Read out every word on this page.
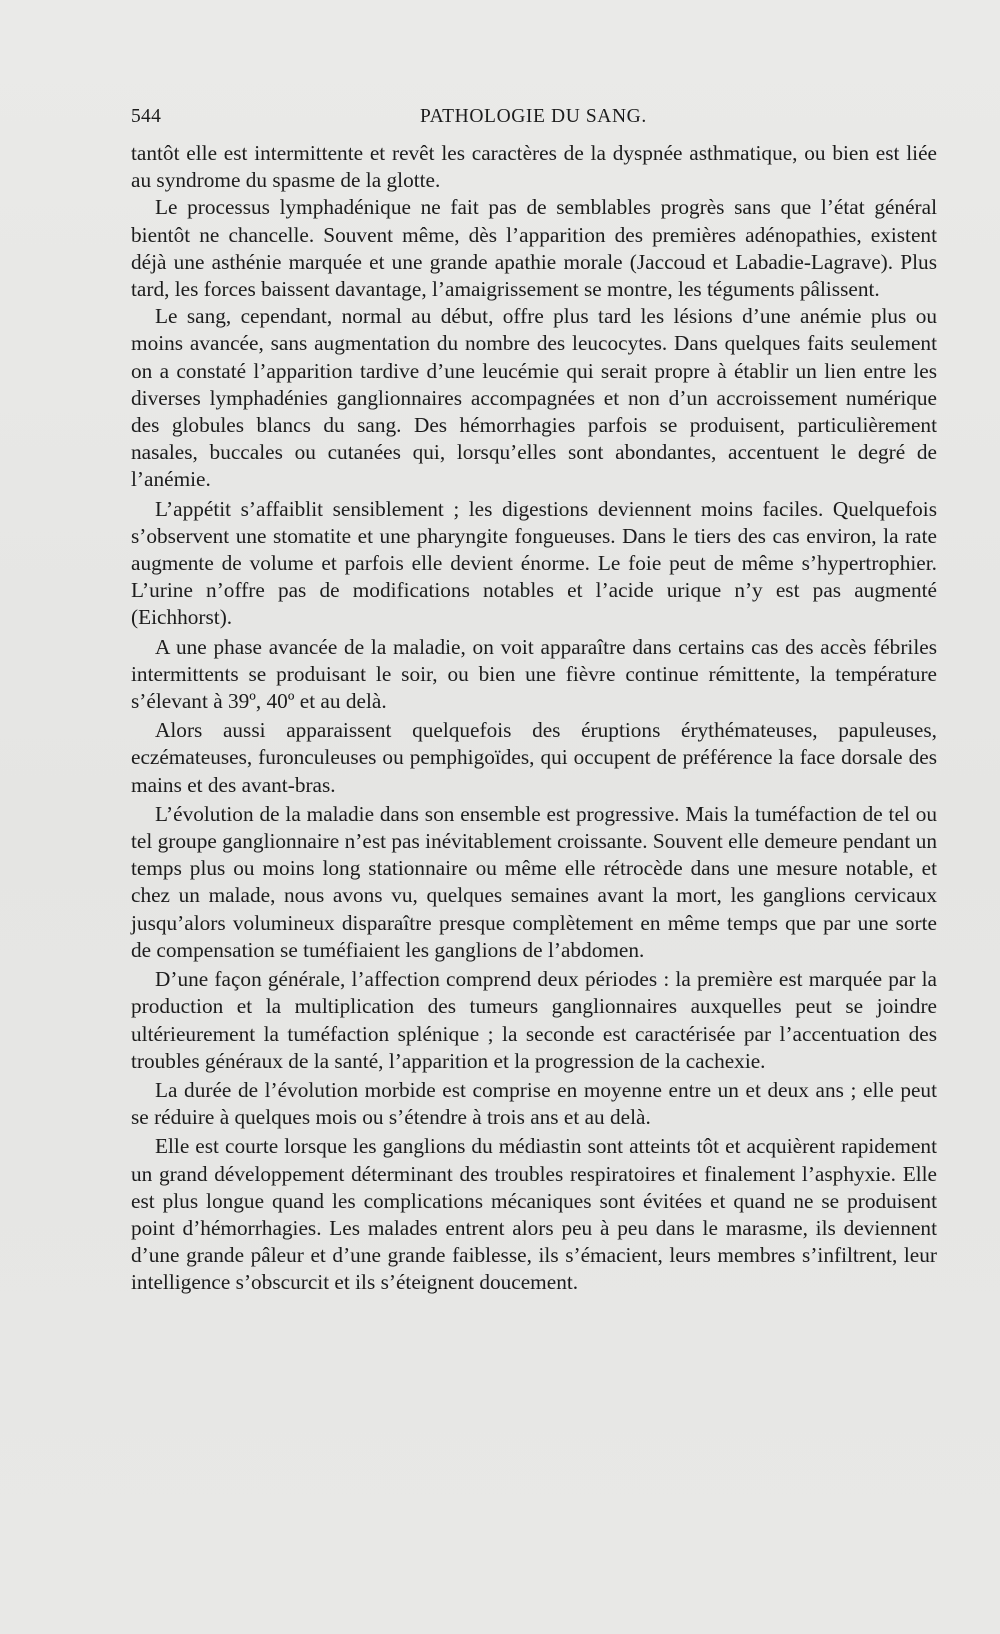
544	PATHOLOGIE DU SANG.

tantôt elle est intermittente et revêt les caractères de la dyspnée asthmatique, ou bien est liée au syndrome du spasme de la glotte.

Le processus lymphadénique ne fait pas de semblables progrès sans que l’état général bientôt ne chancelle. Souvent même, dès l’apparition des premières adénopathies, existent déjà une asthénie marquée et une grande apathie morale (Jaccoud et Labadie-Lagrave). Plus tard, les forces baissent davantage, l’amaigrissement se montre, les téguments pâlissent.

Le sang, cependant, normal au début, offre plus tard les lésions d’une anémie plus ou moins avancée, sans augmentation du nombre des leucocytes. Dans quelques faits seulement on a constaté l’apparition tardive d’une leucémie qui serait propre à établir un lien entre les diverses lymphadénies ganglionnaires accompagnées et non d’un accroissement numérique des globules blancs du sang. Des hémorrhagies parfois se produisent, particulièrement nasales, buccales ou cutanées qui, lorsqu’elles sont abondantes, accentuent le degré de l’anémie.

L’appétit s’affaiblit sensiblement ; les digestions deviennent moins faciles. Quelquefois s’observent une stomatite et une pharyngite fongueuses. Dans le tiers des cas environ, la rate augmente de volume et parfois elle devient énorme. Le foie peut de même s’hypertrophier. L’urine n’offre pas de modifications notables et l’acide urique n’y est pas augmenté (Eichhorst).

A une phase avancée de la maladie, on voit apparaître dans certains cas des accès fébriles intermittents se produisant le soir, ou bien une fièvre continue rémittente, la température s’élevant à 39º, 40º et au delà.

Alors aussi apparaissent quelquefois des éruptions érythémateuses, papuleuses, eczémateuses, furonculeuses ou pemphigoïdes, qui occupent de préférence la face dorsale des mains et des avant-bras.

L’évolution de la maladie dans son ensemble est progressive. Mais la tuméfaction de tel ou tel groupe ganglionnaire n’est pas inévitablement croissante. Souvent elle demeure pendant un temps plus ou moins long stationnaire ou même elle rétrocède dans une mesure notable, et chez un malade, nous avons vu, quelques semaines avant la mort, les ganglions cervicaux jusqu’alors volumineux disparaître presque complètement en même temps que par une sorte de compensation se tuméfiaient les ganglions de l’abdomen.

D’une façon générale, l’affection comprend deux périodes : la première est marquée par la production et la multiplication des tumeurs ganglionnaires auxquelles peut se joindre ultérieurement la tuméfaction splénique ; la seconde est caractérisée par l’accentuation des troubles généraux de la santé, l’apparition et la progression de la cachexie.

La durée de l’évolution morbide est comprise en moyenne entre un et deux ans ; elle peut se réduire à quelques mois ou s’étendre à trois ans et au delà.

Elle est courte lorsque les ganglions du médiastin sont atteints tôt et acquièrent rapidement un grand développement déterminant des troubles respiratoires et finalement l’asphyxie. Elle est plus longue quand les complications mécaniques sont évitées et quand ne se produisent point d’hémorrhagies. Les malades entrent alors peu à peu dans le marasme, ils deviennent d’une grande pâleur et d’une grande faiblesse, ils s’émacient, leurs membres s’infiltrent, leur intelligence s’obscurcit et ils s’éteignent doucement.
